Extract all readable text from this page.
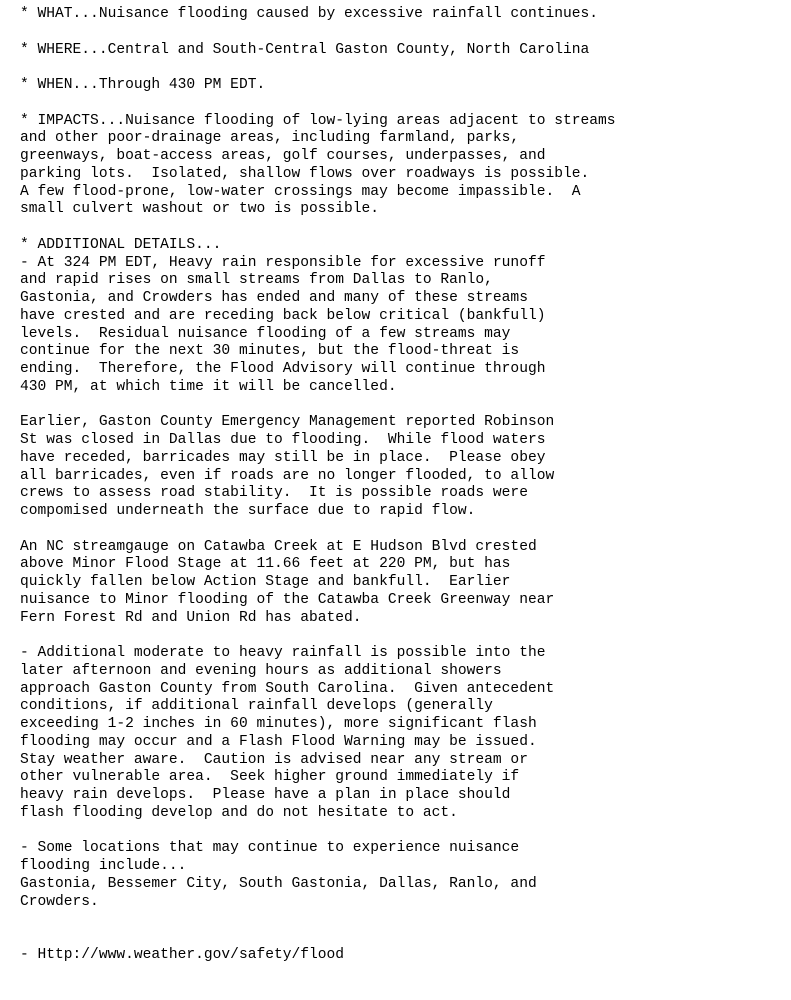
* WHAT...Nuisance flooding caused by excessive rainfall continues.
* WHERE...Central and South-Central Gaston County, North Carolina
* WHEN...Through 430 PM EDT.
* IMPACTS...Nuisance flooding of low-lying areas adjacent to streams
and other poor-drainage areas, including farmland, parks,
greenways, boat-access areas, golf courses, underpasses, and
parking lots.  Isolated, shallow flows over roadways is possible.
A few flood-prone, low-water crossings may become impassible.  A
small culvert washout or two is possible.
* ADDITIONAL DETAILS...
- At 324 PM EDT, Heavy rain responsible for excessive runoff
and rapid rises on small streams from Dallas to Ranlo,
Gastonia, and Crowders has ended and many of these streams
have crested and are receding back below critical (bankfull)
levels.  Residual nuisance flooding of a few streams may
continue for the next 30 minutes, but the flood-threat is
ending.  Therefore, the Flood Advisory will continue through
430 PM, at which time it will be cancelled.
Earlier, Gaston County Emergency Management reported Robinson
St was closed in Dallas due to flooding.  While flood waters
have receded, barricades may still be in place.  Please obey
all barricades, even if roads are no longer flooded, to allow
crews to assess road stability.  It is possible roads were
compomised underneath the surface due to rapid flow.
An NC streamgauge on Catawba Creek at E Hudson Blvd crested
above Minor Flood Stage at 11.66 feet at 220 PM, but has
quickly fallen below Action Stage and bankfull.  Earlier
nuisance to Minor flooding of the Catawba Creek Greenway near
Fern Forest Rd and Union Rd has abated.
- Additional moderate to heavy rainfall is possible into the
later afternoon and evening hours as additional showers
approach Gaston County from South Carolina.  Given antecedent
conditions, if additional rainfall develops (generally
exceeding 1-2 inches in 60 minutes), more significant flash
flooding may occur and a Flash Flood Warning may be issued.
Stay weather aware.  Caution is advised near any stream or
other vulnerable area.  Seek higher ground immediately if
heavy rain develops.  Please have a plan in place should
flash flooding develop and do not hesitate to act.
- Some locations that may continue to experience nuisance
flooding include...
Gastonia, Bessemer City, South Gastonia, Dallas, Ranlo, and
Crowders.
- Http://www.weather.gov/safety/flood
